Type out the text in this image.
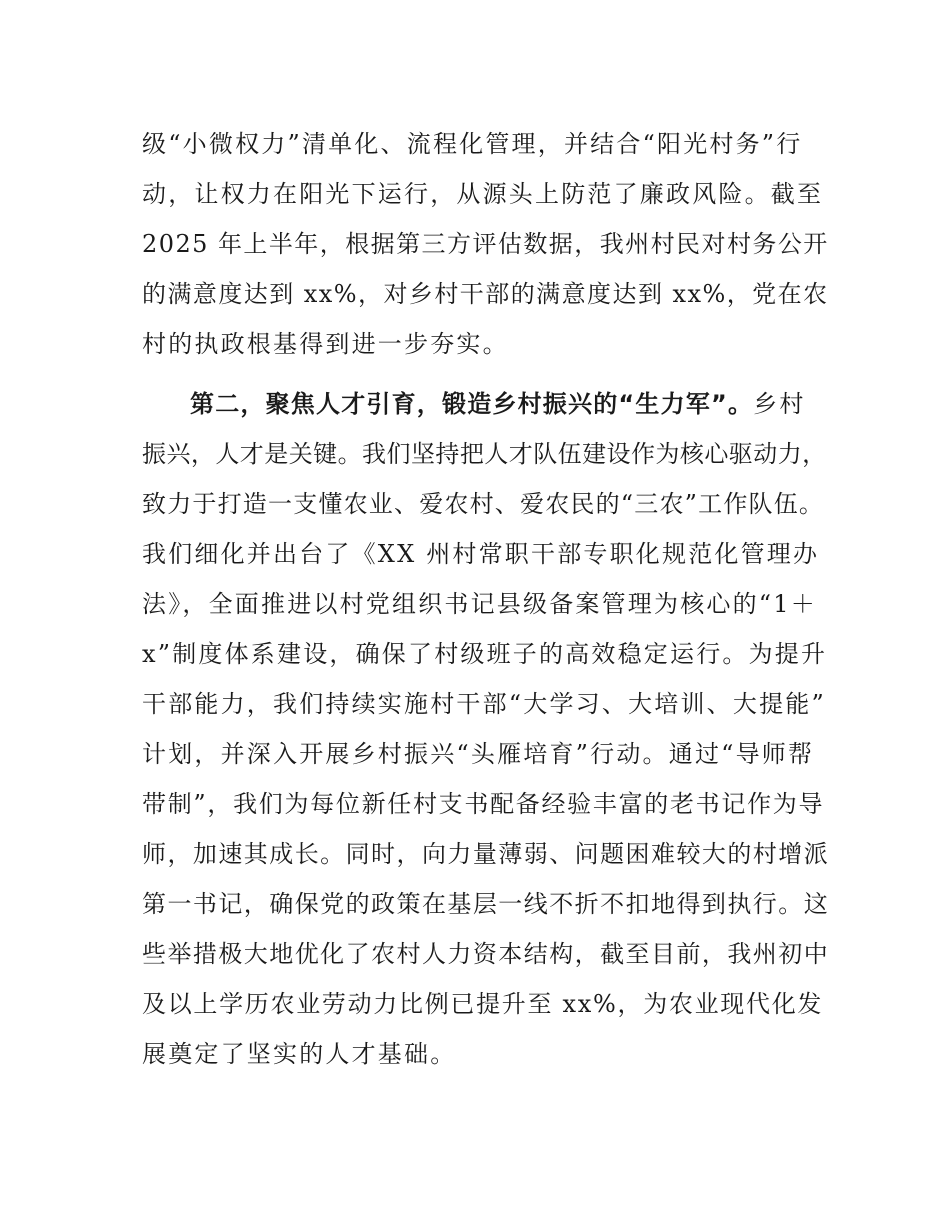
级“小微权力”清单化、流程化管理，并结合“阳光村务”行
动，让权力在阳光下运行，从源头上防范了廉政风险。截至
2025 年上半年，根据第三方评估数据，我州村民对村务公开
的满意度达到 xx%，对乡村干部的满意度达到 xx%，党在农
村的执政根基得到进一步夯实。
第二，聚焦人才引育，锻造乡村振兴的“生力军”。乡村
振兴，人才是关键。我们坚持把人才队伍建设作为核心驱动力，
致力于打造一支懂农业、爱农村、爱农民的“三农”工作队伍。
我们细化并出台了《XX 州村常职干部专职化规范化管理办
法》，全面推进以村党组织书记县级备案管理为核心的“1＋
x”制度体系建设，确保了村级班子的高效稳定运行。为提升
干部能力，我们持续实施村干部“大学习、大培训、大提能”
计划，并深入开展乡村振兴“头雁培育”行动。通过“导师帮
带制”，我们为每位新任村支书配备经验丰富的老书记作为导
师，加速其成长。同时，向力量薄弱、问题困难较大的村增派
第一书记，确保党的政策在基层一线不折不扣地得到执行。这
些举措极大地优化了农村人力资本结构，截至目前，我州初中
及以上学历农业劳动力比例已提升至 xx%，为农业现代化发
展奠定了坚实的人才基础。
